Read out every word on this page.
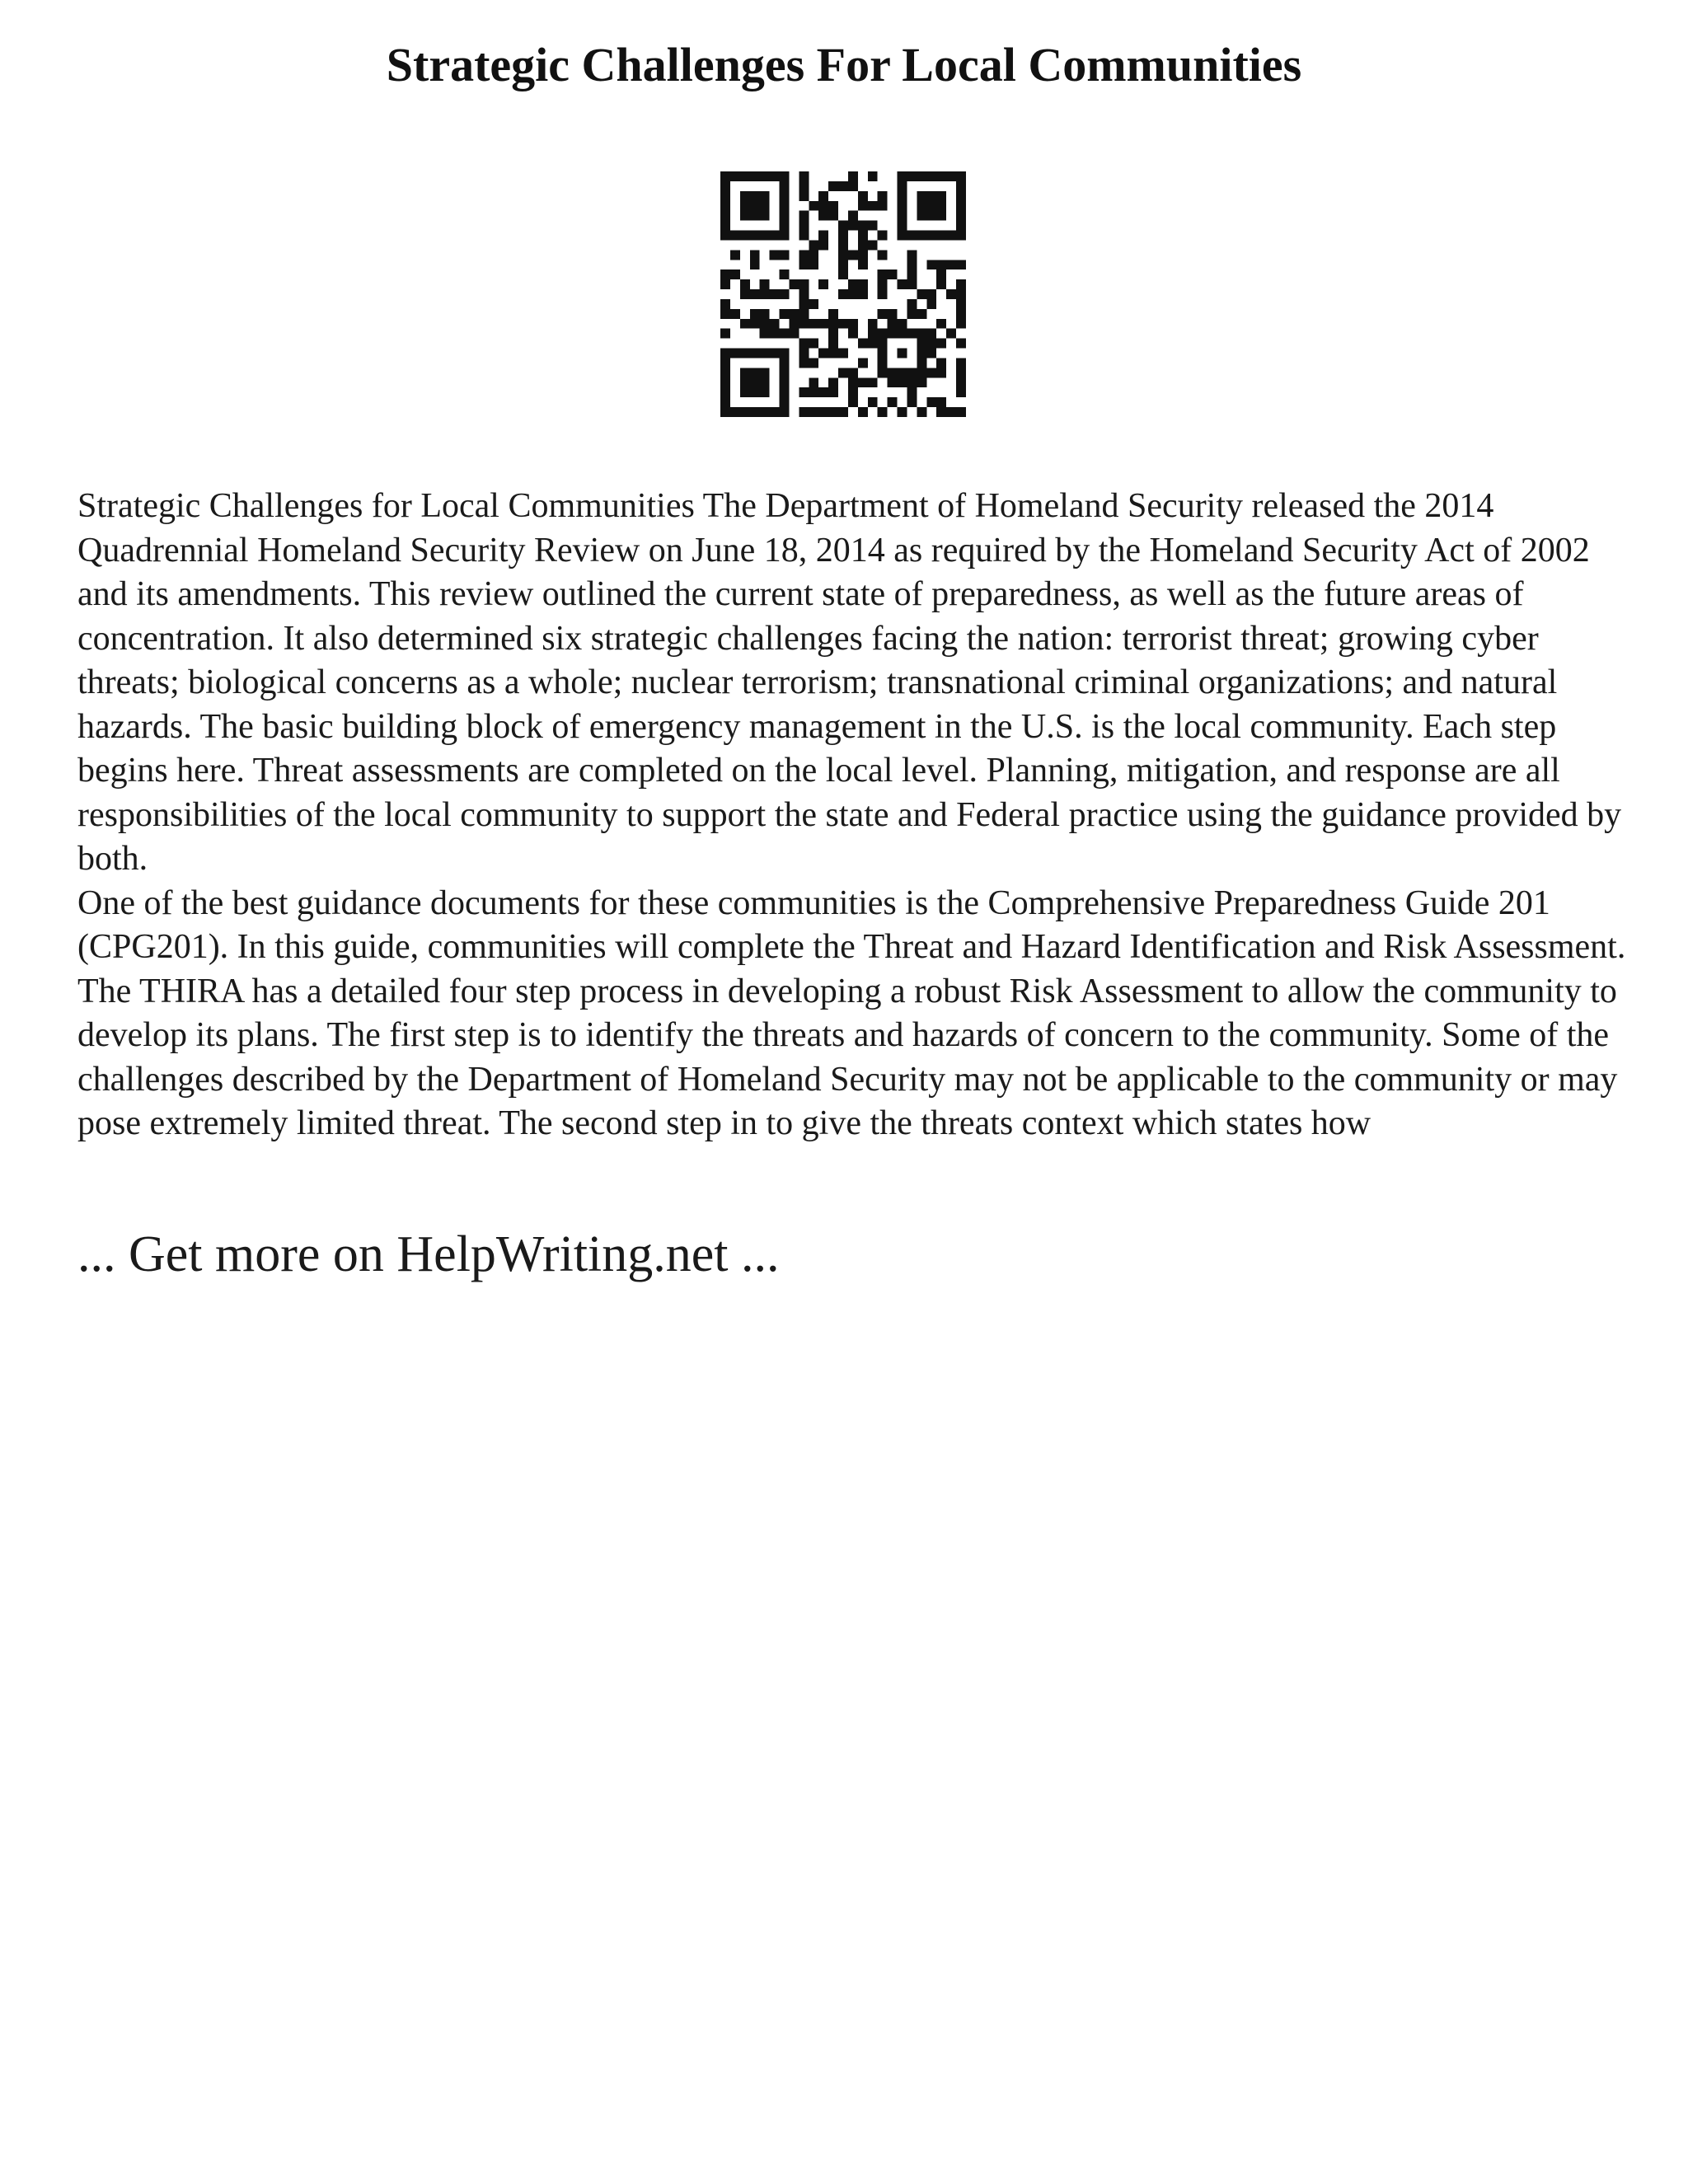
Strategic Challenges For Local Communities

Strategic Challenges for Local Communities The Department of Homeland Security released the 2014 Quadrennial Homeland Security Review on June 18, 2014 as required by the Homeland Security Act of 2002 and its amendments. This review outlined the current state of preparedness, as well as the future areas of concentration. It also determined six strategic challenges facing the nation: terrorist threat; growing cyber threats; biological concerns as a whole; nuclear terrorism; transnational criminal organizations; and natural hazards. The basic building block of emergency management in the U.S. is the local community. Each step begins here. Threat assessments are completed on the local level. Planning, mitigation, and response are all responsibilities of the local community to support the state and Federal practice using the guidance provided by both.

One of the best guidance documents for these communities is the Comprehensive Preparedness Guide 201 (CPG201). In this guide, communities will complete the Threat and Hazard Identification and Risk Assessment. The THIRA has a detailed four step process in developing a robust Risk Assessment to allow the community to develop its plans. The first step is to identify the threats and hazards of concern to the community. Some of the challenges described by the Department of Homeland Security may not be applicable to the community or may pose extremely limited threat. The second step in to give the threats context which states how

... Get more on HelpWriting.net ...
